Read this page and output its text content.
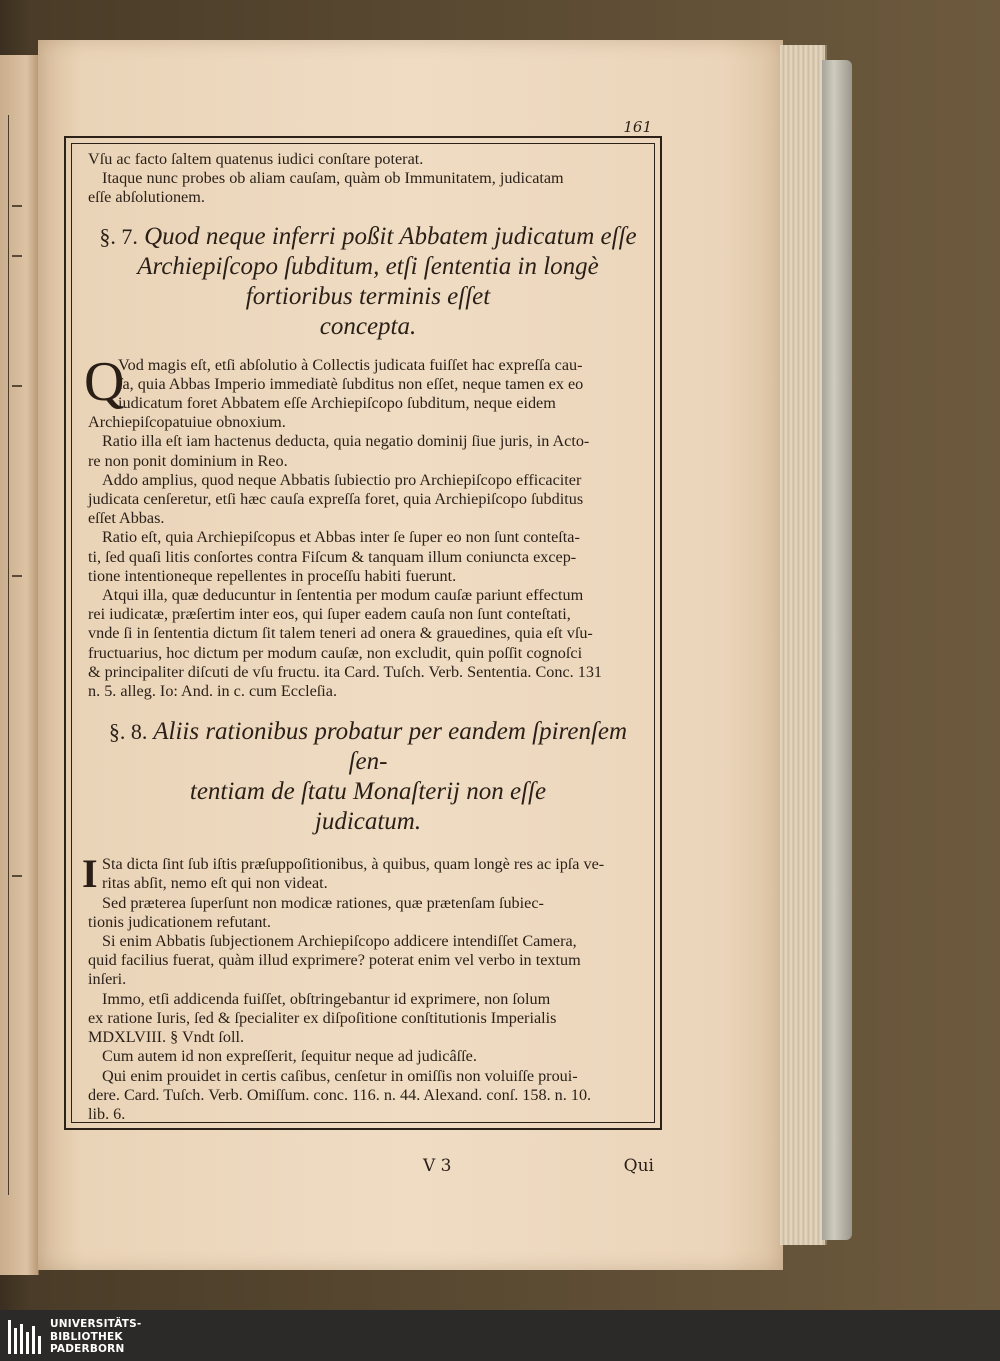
161

Vſu ac facto ſaltem quatenus iudici conſtare poterat.

Itaque nunc probes ob aliam cauſam, quàm ob Immunitatem, judicatam

eſſe abſolutionem.

§. 7. Quod neque inferri poßit Abbatem judicatum eſſe
Archiepiſcopo ſubditum, etſi ſententia in longè
fortioribus terminis eſſet
concepta.
Q

Vod magis eſt, etſi abſolutio à Collectis judicata fuiſſet hac expreſſa cau-

ſa, quia Abbas Imperio immediatè ſubditus non eſſet, neque tamen ex eo

iudicatum foret Abbatem eſſe Archiepiſcopo ſubditum, neque eidem

Archiepiſcopatuiue obnoxium.

Ratio illa eſt iam hactenus deducta, quia negatio dominij ſiue juris, in Acto-

re non ponit dominium in Reo.

Addo amplius, quod neque Abbatis ſubiectio pro Archiepiſcopo efficaciter

judicata cenſeretur, etſi hæc cauſa expreſſa foret, quia Archiepiſcopo ſubditus

eſſet Abbas.

Ratio eſt, quia Archiepiſcopus et Abbas inter ſe ſuper eo non ſunt conteſta-

ti, ſed quaſi litis conſortes contra Fiſcum & tanquam illum coniuncta excep-

tione intentioneque repellentes in proceſſu habiti fuerunt.

Atqui illa, quæ deducuntur in ſententia per modum cauſæ pariunt effectum

rei iudicatæ, præſertim inter eos, qui ſuper eadem cauſa non ſunt conteſtati,

vnde ſi in ſententia dictum ſit talem teneri ad onera & grauedines, quia eſt vſu-

fructuarius, hoc dictum per modum cauſæ, non excludit, quin poſſit cognoſci

& principaliter diſcuti de vſu fructu. ita Card. Tuſch. Verb. Sententia. Conc. 131

n. 5. alleg. Io: And. in c. cum Eccleſia.

§. 8. Aliis rationibus probatur per eandem ſpirenſem ſen-
tentiam de ſtatu Monaſterij non eſſe
judicatum.
I Sta dicta ſint ſub iſtis præſuppoſitionibus, à quibus, quam longè res ac ipſa ve-

ritas abſit, nemo eſt qui non videat.

Sed præterea ſuperſunt non modicæ rationes, quæ prætenſam ſubiec-

tionis judicationem refutant.

Si enim Abbatis ſubjectionem Archiepiſcopo addicere intendiſſet Camera,

quid facilius fuerat, quàm illud exprimere? poterat enim vel verbo in textum

inſeri.

Immo, etſi addicenda fuiſſet, obſtringebantur id exprimere, non ſolum

ex ratione Iuris, ſed & ſpecialiter ex diſpoſitione conſtitutionis Imperialis

MDXLVIII. § Vndt ſoll.

Cum autem id non expreſſerit, ſequitur neque ad judicâſſe.

Qui enim prouidet in certis caſibus, cenſetur in omiſſis non voluiſſe proui-

dere. Card. Tuſch. Verb. Omiſſum. conc. 116. n. 44. Alexand. conſ. 158. n. 10.

lib. 6.

V 3	Qui
UNIVERSITÄTS-
BIBLIOTHEK
PADERBORN
